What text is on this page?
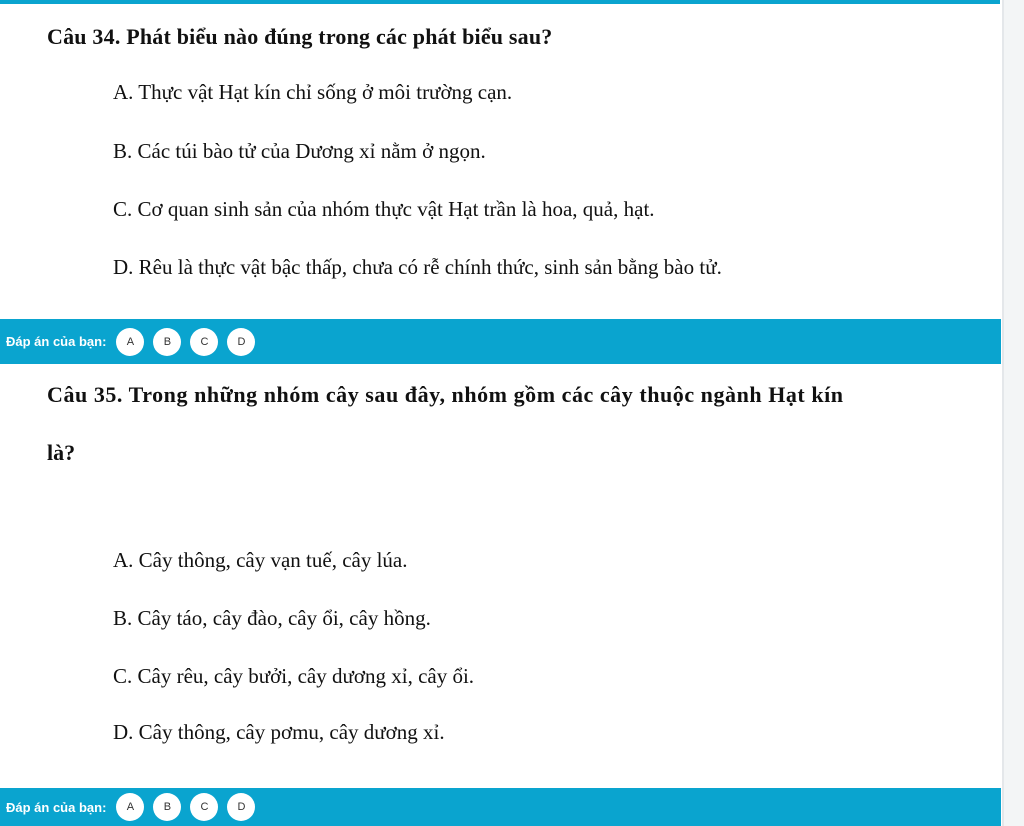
Câu 34. Phát biểu nào đúng trong các phát biểu sau?

A. Thực vật Hạt kín chỉ sống ở môi trường cạn.

B. Các túi bào tử của Dương xỉ nằm ở ngọn.

C. Cơ quan sinh sản của nhóm thực vật Hạt trần là hoa, quả, hạt.

D. Rêu là thực vật bậc thấp, chưa có rễ chính thức, sinh sản bằng bào tử.

Đáp án của bạn:	A	B	C	D

Câu 35. Trong những nhóm cây sau đây, nhóm gồm các cây thuộc ngành Hạt kín

là?

A. Cây thông, cây vạn tuế, cây lúa.

B. Cây táo, cây đào, cây ổi, cây hồng.

C. Cây rêu, cây bưởi, cây dương xỉ, cây ổi.

D. Cây thông, cây pơmu, cây dương xỉ.

Đáp án của bạn:	A	B	C	D
